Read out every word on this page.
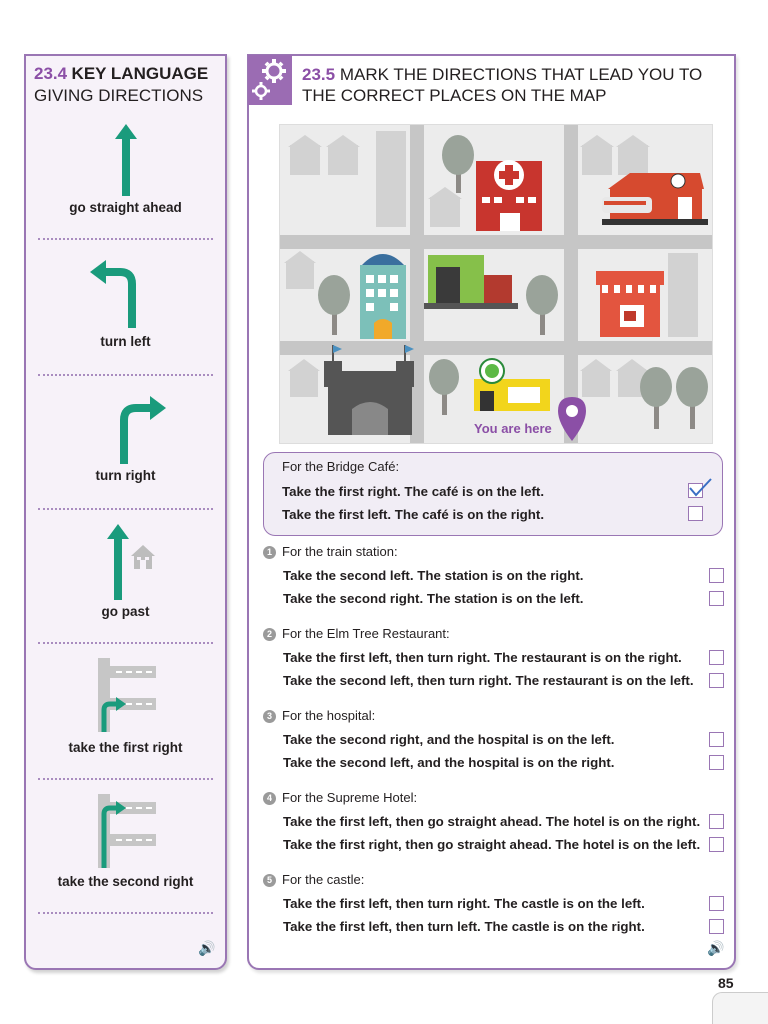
23.4 KEY LANGUAGE
GIVING DIRECTIONS
go straight ahead
turn left
turn right
go past
take the first right
take the second right
🔊
23.5 MARK THE DIRECTIONS THAT LEAD YOU TO
THE CORRECT PLACES ON THE MAP
You are here
For the Bridge Café:
Take the first right. The café is on the left.
Take the first left. The café is on the right.
1 For the train station:
Take the second left. The station is on the right.
Take the second right. The station is on the left.
2 For the Elm Tree Restaurant:
Take the first left, then turn right. The restaurant is on the right.
Take the second left, then turn right. The restaurant is on the left.
3 For the hospital:
Take the second right, and the hospital is on the left.
Take the second left, and the hospital is on the right.
4 For the Supreme Hotel:
Take the first left, then go straight ahead. The hotel is on the right.
Take the first right, then go straight ahead. The hotel is on the left.
5 For the castle:
Take the first left, then turn right. The castle is on the left.
Take the first left, then turn left. The castle is on the right.
🔊
85
